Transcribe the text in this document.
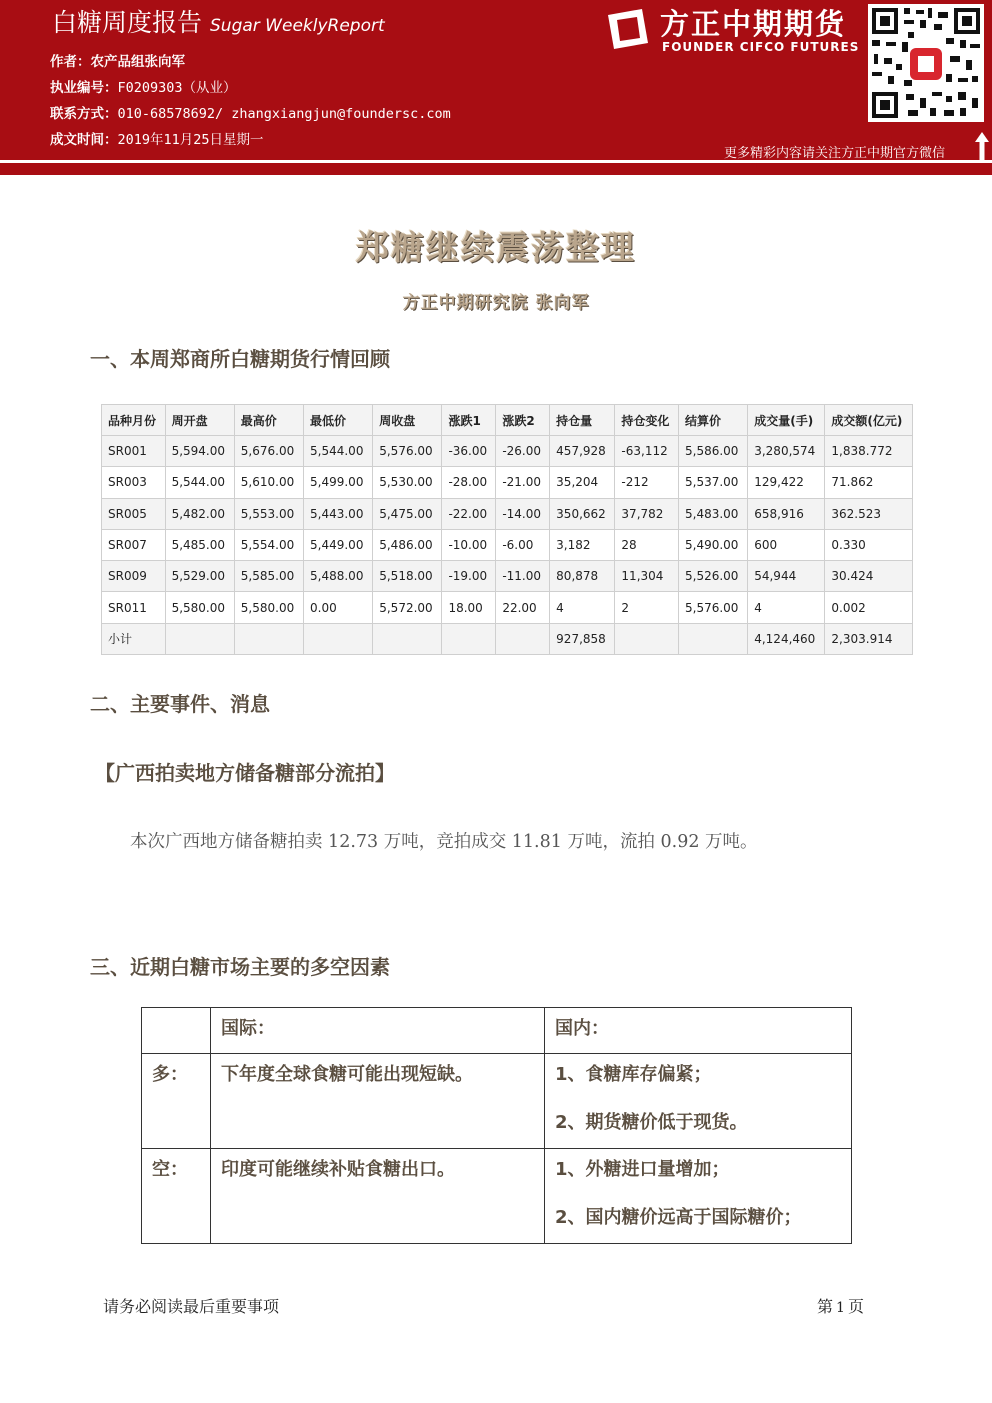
白糖周度报告 Sugar WeeklyReport
作者：农产品组张向军
执业编号：F0209303（从业）
联系方式：010-68578692/ zhangxiangjun@foundersc.com
成文时间：2019年11月25日星期一
方正中期期货
FOUNDER CIFCO FUTURES
更多精彩内容请关注方正中期官方微信
郑糖继续震荡整理
方正中期研究院 张向军
一、本周郑商所白糖期货行情回顾
品种月份	周开盘	最高价	最低价	周收盘	涨跌1	涨跌2	持仓量	持仓变化	结算价	成交量(手)	成交额(亿元)
SR001	5,594.00	5,676.00	5,544.00	5,576.00	-36.00	-26.00	457,928	-63,112	5,586.00	3,280,574	1,838.772
SR003	5,544.00	5,610.00	5,499.00	5,530.00	-28.00	-21.00	35,204	-212	5,537.00	129,422	71.862
SR005	5,482.00	5,553.00	5,443.00	5,475.00	-22.00	-14.00	350,662	37,782	5,483.00	658,916	362.523
SR007	5,485.00	5,554.00	5,449.00	5,486.00	-10.00	-6.00	3,182	28	5,490.00	600	0.330
SR009	5,529.00	5,585.00	5,488.00	5,518.00	-19.00	-11.00	80,878	11,304	5,526.00	54,944	30.424
SR011	5,580.00	5,580.00	0.00	5,572.00	18.00	22.00	4	2	5,576.00	4	0.002
小计							927,858			4,124,460	2,303.914
二、主要事件、消息
【广西拍卖地方储备糖部分流拍】
本次广西地方储备糖拍卖 12.73 万吨，竞拍成交 11.81 万吨，流拍 0.92 万吨。
三、近期白糖市场主要的多空因素
	国际：	国内：
多：	下年度全球食糖可能出现短缺。	1、食糖库存偏紧；
2、期货糖价低于现货。

空：	印度可能继续补贴食糖出口。	1、外糖进口量增加；
2、国内糖价远高于国际糖价；
请务必阅读最后重要事项	第 1 页
